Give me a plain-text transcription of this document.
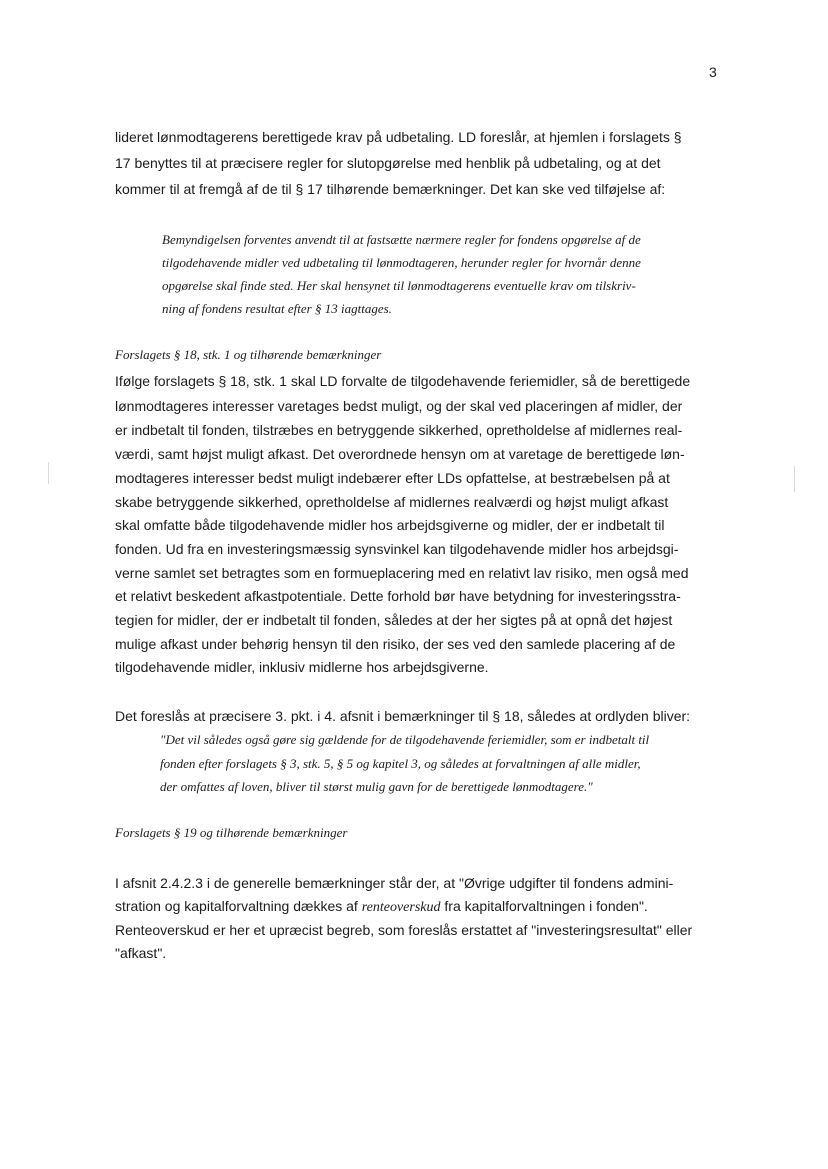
3
lideret lønmodtagerens berettigede krav på udbetaling. LD foreslår, at hjemlen i forslagets §
17 benyttes til at præcisere regler for slutopgørelse med henblik på udbetaling, og at det
kommer til at fremgå af de til § 17 tilhørende bemærkninger. Det kan ske ved tilføjelse af:
Bemyndigelsen forventes anvendt til at fastsætte nærmere regler for fondens opgørelse af de
tilgodehavende midler ved udbetaling til lønmodtageren, herunder regler for hvornår denne
opgørelse skal finde sted. Her skal hensynet til lønmodtagerens eventuelle krav om tilskriv-
ning af fondens resultat efter § 13 iagttages.
Forslagets § 18, stk. 1 og tilhørende bemærkninger
Ifølge forslagets § 18, stk. 1 skal LD forvalte de tilgodehavende feriemidler, så de berettigede
lønmodtageres interesser varetages bedst muligt, og der skal ved placeringen af midler, der
er indbetalt til fonden, tilstræbes en betryggende sikkerhed, opretholdelse af midlernes real-
værdi, samt højst muligt afkast. Det overordnede hensyn om at varetage de berettigede løn-
modtageres interesser bedst muligt indebærer efter LDs opfattelse, at bestræbelsen på at
skabe betryggende sikkerhed, opretholdelse af midlernes realværdi og højst muligt afkast
skal omfatte både tilgodehavende midler hos arbejdsgiverne og midler, der er indbetalt til
fonden. Ud fra en investeringsmæssig synsvinkel kan tilgodehavende midler hos arbejdsgi-
verne samlet set betragtes som en formueplacering med en relativt lav risiko, men også med
et relativt beskedent afkastpotentiale. Dette forhold bør have betydning for investeringsstra-
tegien for midler, der er indbetalt til fonden, således at der her sigtes på at opnå det højest
mulige afkast under behørig hensyn til den risiko, der ses ved den samlede placering af de
tilgodehavende midler, inklusiv midlerne hos arbejdsgiverne.
Det foreslås at præcisere 3. pkt. i 4. afsnit i bemærkninger til § 18, således at ordlyden bliver:
"Det vil således også gøre sig gældende for de tilgodehavende feriemidler, som er indbetalt til
fonden efter forslagets § 3, stk. 5, § 5 og kapitel 3, og således at forvaltningen af alle midler,
der omfattes af loven, bliver til størst mulig gavn for de berettigede lønmodtagere."
Forslagets § 19 og tilhørende bemærkninger
I afsnit 2.4.2.3 i de generelle bemærkninger står der, at "Øvrige udgifter til fondens admini-
stration og kapitalforvaltning dækkes af renteoverskud fra kapitalforvaltningen i fonden".
Renteoverskud er her et upræcist begreb, som foreslås erstattet af "investeringsresultat" eller
"afkast".
